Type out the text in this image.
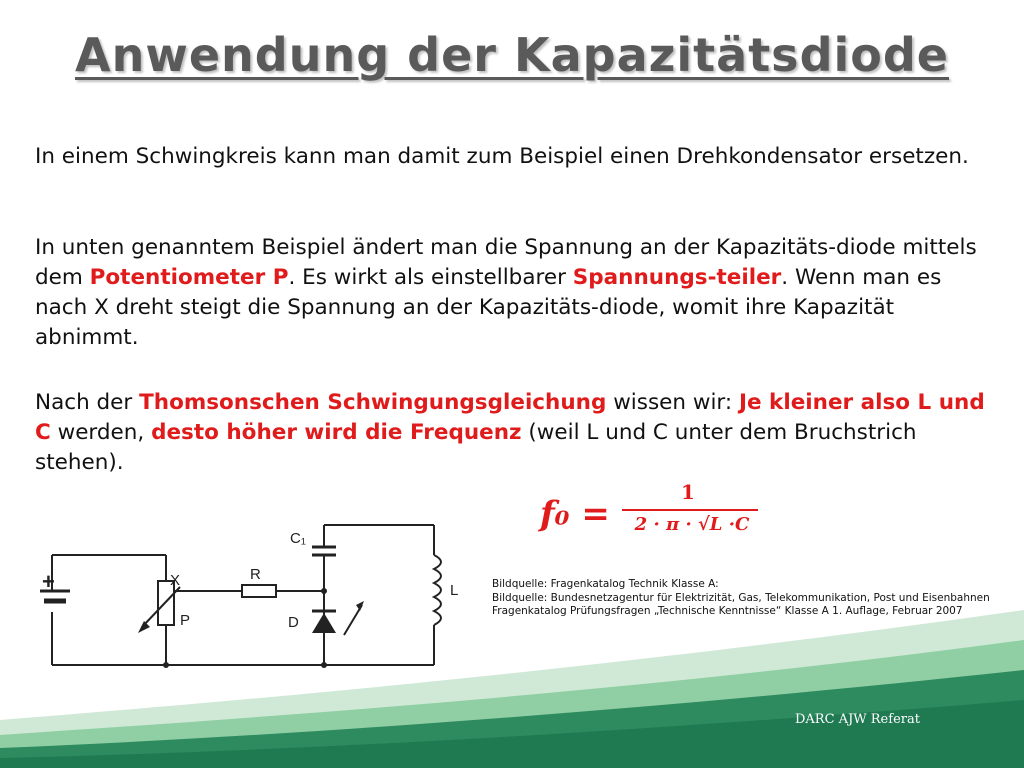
Anwendung der Kapazitätsdiode

In einem Schwingkreis kann man damit zum Beispiel einen Drehkondensator ersetzen.

In unten genanntem Beispiel ändert man die Spannung an der Kapazitäts-diode mittels dem Potentiometer P. Es wirkt als einstellbarer Spannungs-teiler. Wenn man es nach X dreht steigt die Spannung an der Kapazitäts-diode, womit ihre Kapazität abnimmt.

Nach der Thomsonschen Schwingungsgleichung wissen wir: Je kleiner also L und C werden, desto höher wird die Frequenz (weil L und C unter dem Bruchstrich stehen).

f₀ =
1
2 · π · √L ·C
+	X
P
R
C₁
D
L	Bildquelle: Fragenkatalog Technik Klasse A:
Bildquelle: Bundesnetzagentur für Elektrizität, Gas, Telekommunikation, Post und Eisenbahnen
Fragenkatalog Prüfungsfragen „Technische Kenntnisse“ Klasse A 1. Auflage, Februar 2007
DARC AJW Referat
